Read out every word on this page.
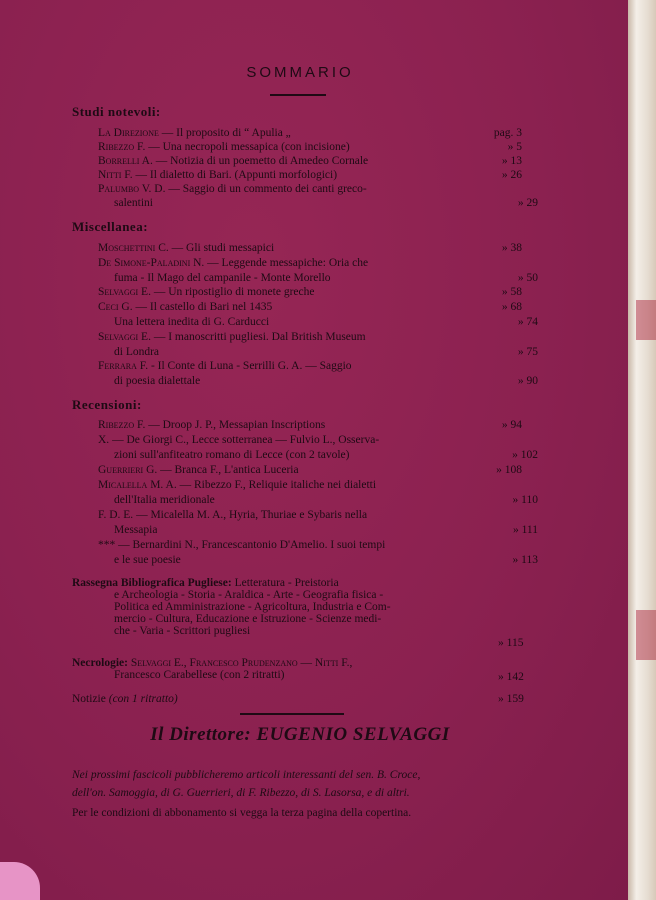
SOMMARIO
Studi notevoli:
La Direzione — Il proposito di “ Apulia „	pag. 3
Ribezzo F. — Una necropoli messapica (con incisione)	» 5
Borrelli A. — Notizia di un poemetto di Amedeo Cornale	» 13
Nitti F. — Il dialetto di Bari. (Appunti morfologici)	» 26
Palumbo V. D. — Saggio di un commento dei canti greco-
salentini	» 29
Miscellanea:
Moschettini C. — Gli studi messapici	» 38
De Simone-Paladini N. — Leggende messapiche: Oria che
fuma - Il Mago del campanile - Monte Morello	» 50
Selvaggi E. — Un ripostiglio di monete greche	» 58
Ceci G. — Il castello di Bari nel 1435	» 68
Una lettera inedita di G. Carducci	» 74
Selvaggi E. — I manoscritti pugliesi. Dal British Museum
di Londra	» 75
Ferrara F. - Il Conte di Luna - Serrilli G. A. — Saggio
di poesia dialettale	» 90
Recensioni:
Ribezzo F. — Droop J. P., Messapian Inscriptions	» 94
X. — De Giorgi C., Lecce sotterranea — Fulvio L., Osserva-
zioni sull'anfiteatro romano di Lecce (con 2 tavole)	» 102
Guerrieri G. — Branca F., L'antica Luceria	» 108
Micalella M. A. — Ribezzo F., Reliquie italiche nei dialetti
dell'Italia meridionale	» 110
F. D. E. — Micalella M. A., Hyria, Thuriae e Sybaris nella
Messapia	» 111
*** — Bernardini N., Francescantonio D'Amelio. I suoi tempi
e le sue poesie	» 113
Rassegna Bibliografica Pugliese: Letteratura - Preistoria
e Archeologia - Storia - Araldica - Arte - Geografia fisica -
Politica ed Amministrazione - Agricoltura, Industria e Com-
mercio - Cultura, Educazione e Istruzione - Scienze medi-
che - Varia - Scrittori pugliesi
» 115
Necrologie: Selvaggi E., Francesco Prudenzano — Nitti F.,
Francesco Carabellese (con 2 ritratti)	» 142
Notizie (con 1 ritratto)	» 159
Il Direttore: EUGENIO SELVAGGI
Nei prossimi fascicoli pubblicheremo articoli interessanti del sen. B. Croce,
dell'on. Samoggia, di G. Guerrieri, di F. Ribezzo, di S. Lasorsa, e di altri.
Per le condizioni di abbonamento si vegga la terza pagina della copertina.
